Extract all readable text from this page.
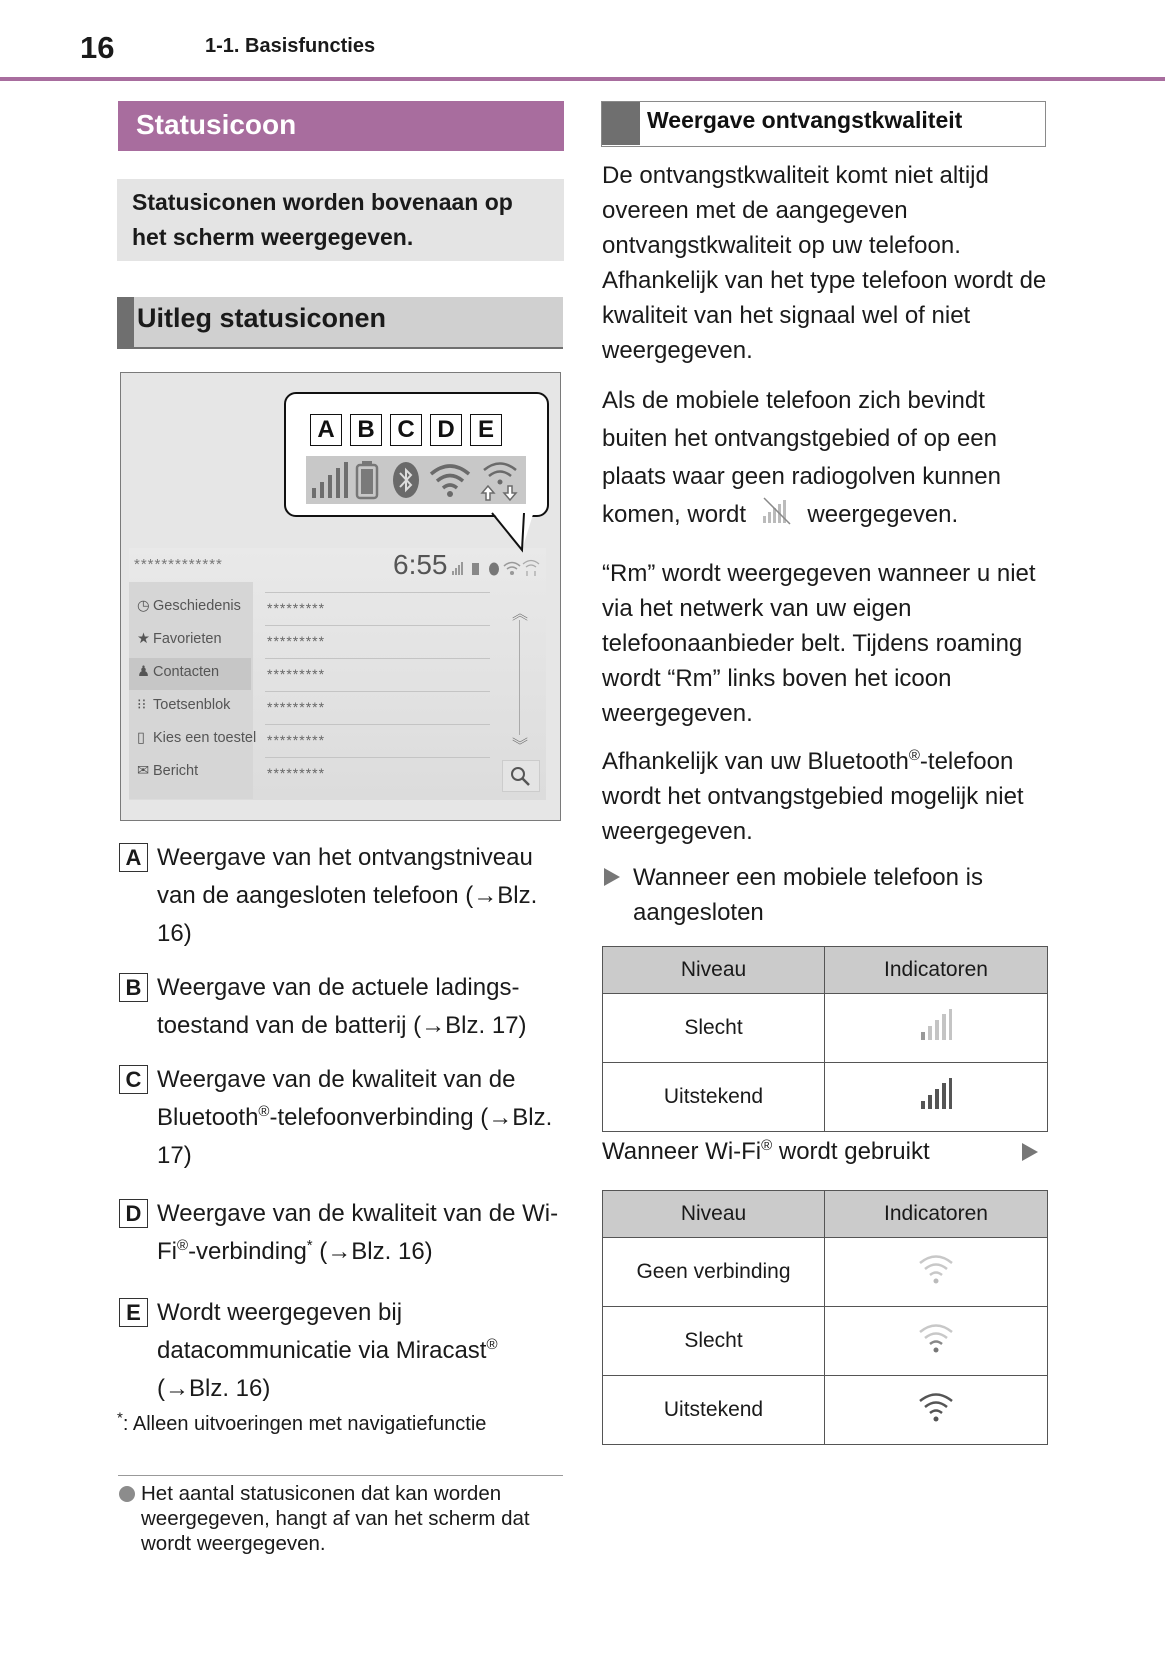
16	1-1. Basisfuncties
Statusicoon
Statusiconen worden bovenaan op het scherm weergegeven.
Uitleg statusiconen
*************	6:55
◷ Geschiedenis
★ Favorieten
♟ Contacten
⁝⁝ Toetsenblok
▯ Kies een toestel
✉ Bericht
*********
*********
*********
*********
*********
*********
︽
︾
A B C D E
A Weergave van het ontvangstniveau van de aangesloten telefoon (→Blz. 16)
B Weergave van de actuele ladings-toestand van de batterij (→Blz. 17)
C Weergave van de kwaliteit van de Bluetooth®-telefoonverbinding (→Blz. 17)
D Weergave van de kwaliteit van de Wi-Fi®-verbinding* (→Blz. 16)
E Wordt weergegeven bij datacommunicatie via Miracast®
(→Blz. 16)
*: Alleen uitvoeringen met navigatiefunctie
Het aantal statusiconen dat kan worden weergegeven, hangt af van het scherm dat wordt weergegeven.
Weergave ontvangstkwaliteit
De ontvangstkwaliteit komt niet altijd overeen met de aangegeven ontvangstkwaliteit op uw telefoon. Afhankelijk van het type telefoon wordt de kwaliteit van het signaal wel of niet weergegeven.
Als de mobiele telefoon zich bevindt buiten het ontvangstgebied of op een plaats waar geen radiogolven kunnen komen, wordt	weergegeven.
“Rm” wordt weergegeven wanneer u niet via het netwerk van uw eigen telefoonaanbieder belt. Tijdens roaming wordt “Rm” links boven het icoon weergegeven.
Afhankelijk van uw Bluetooth®-telefoon wordt het ontvangstgebied mogelijk niet weergegeven.
Wanneer een mobiele telefoon is aangesloten
Niveau	Indicatoren
Slecht	
Uitstekend	
Wanneer Wi-Fi® wordt gebruikt
Niveau	Indicatoren
Geen verbinding	
Slecht	
Uitstekend	
